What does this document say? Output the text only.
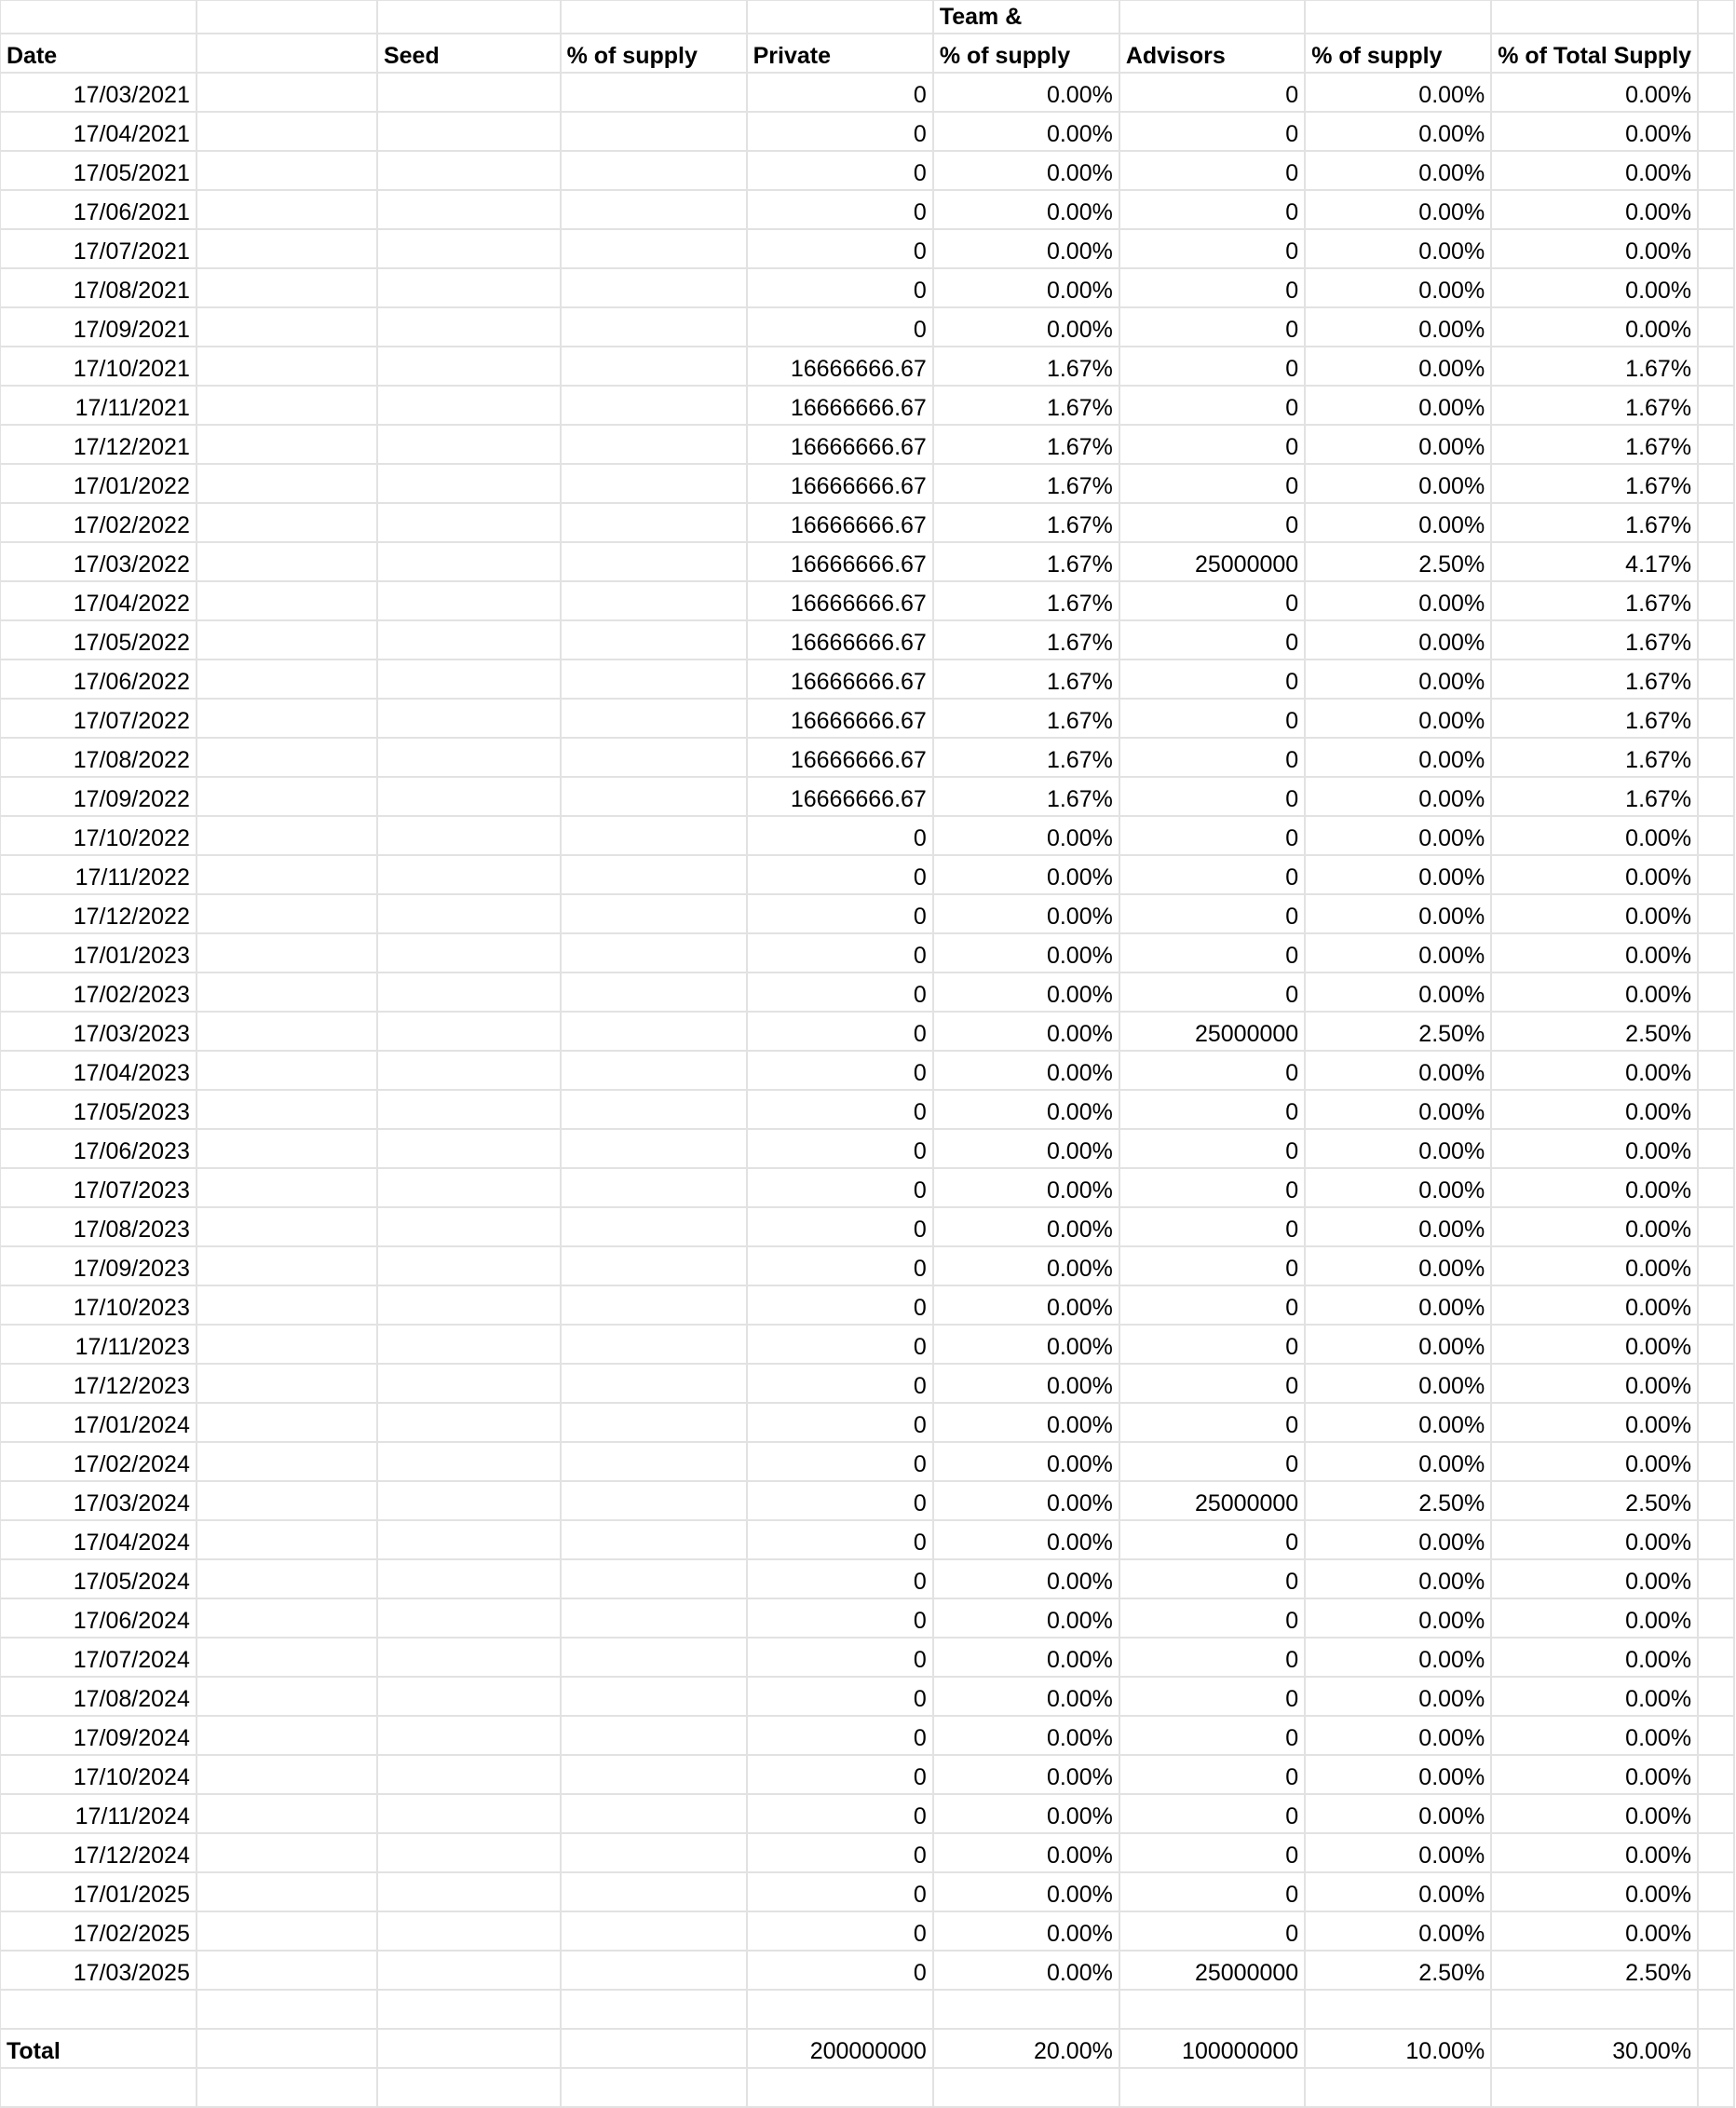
					Team &				
Date		Seed	% of supply	Private	% of supply	Advisors	% of supply	% of Total Supply	
17/03/2021				0	0.00%	0	0.00%	0.00%	
17/04/2021				0	0.00%	0	0.00%	0.00%	
17/05/2021				0	0.00%	0	0.00%	0.00%	
17/06/2021				0	0.00%	0	0.00%	0.00%	
17/07/2021				0	0.00%	0	0.00%	0.00%	
17/08/2021				0	0.00%	0	0.00%	0.00%	
17/09/2021				0	0.00%	0	0.00%	0.00%	
17/10/2021				16666666.67	1.67%	0	0.00%	1.67%	
17/11/2021				16666666.67	1.67%	0	0.00%	1.67%	
17/12/2021				16666666.67	1.67%	0	0.00%	1.67%	
17/01/2022				16666666.67	1.67%	0	0.00%	1.67%	
17/02/2022				16666666.67	1.67%	0	0.00%	1.67%	
17/03/2022				16666666.67	1.67%	25000000	2.50%	4.17%	
17/04/2022				16666666.67	1.67%	0	0.00%	1.67%	
17/05/2022				16666666.67	1.67%	0	0.00%	1.67%	
17/06/2022				16666666.67	1.67%	0	0.00%	1.67%	
17/07/2022				16666666.67	1.67%	0	0.00%	1.67%	
17/08/2022				16666666.67	1.67%	0	0.00%	1.67%	
17/09/2022				16666666.67	1.67%	0	0.00%	1.67%	
17/10/2022				0	0.00%	0	0.00%	0.00%	
17/11/2022				0	0.00%	0	0.00%	0.00%	
17/12/2022				0	0.00%	0	0.00%	0.00%	
17/01/2023				0	0.00%	0	0.00%	0.00%	
17/02/2023				0	0.00%	0	0.00%	0.00%	
17/03/2023				0	0.00%	25000000	2.50%	2.50%	
17/04/2023				0	0.00%	0	0.00%	0.00%	
17/05/2023				0	0.00%	0	0.00%	0.00%	
17/06/2023				0	0.00%	0	0.00%	0.00%	
17/07/2023				0	0.00%	0	0.00%	0.00%	
17/08/2023				0	0.00%	0	0.00%	0.00%	
17/09/2023				0	0.00%	0	0.00%	0.00%	
17/10/2023				0	0.00%	0	0.00%	0.00%	
17/11/2023				0	0.00%	0	0.00%	0.00%	
17/12/2023				0	0.00%	0	0.00%	0.00%	
17/01/2024				0	0.00%	0	0.00%	0.00%	
17/02/2024				0	0.00%	0	0.00%	0.00%	
17/03/2024				0	0.00%	25000000	2.50%	2.50%	
17/04/2024				0	0.00%	0	0.00%	0.00%	
17/05/2024				0	0.00%	0	0.00%	0.00%	
17/06/2024				0	0.00%	0	0.00%	0.00%	
17/07/2024				0	0.00%	0	0.00%	0.00%	
17/08/2024				0	0.00%	0	0.00%	0.00%	
17/09/2024				0	0.00%	0	0.00%	0.00%	
17/10/2024				0	0.00%	0	0.00%	0.00%	
17/11/2024				0	0.00%	0	0.00%	0.00%	
17/12/2024				0	0.00%	0	0.00%	0.00%	
17/01/2025				0	0.00%	0	0.00%	0.00%	
17/02/2025				0	0.00%	0	0.00%	0.00%	
17/03/2025				0	0.00%	25000000	2.50%	2.50%	

Total				200000000	20.00%	100000000	10.00%	30.00%	
